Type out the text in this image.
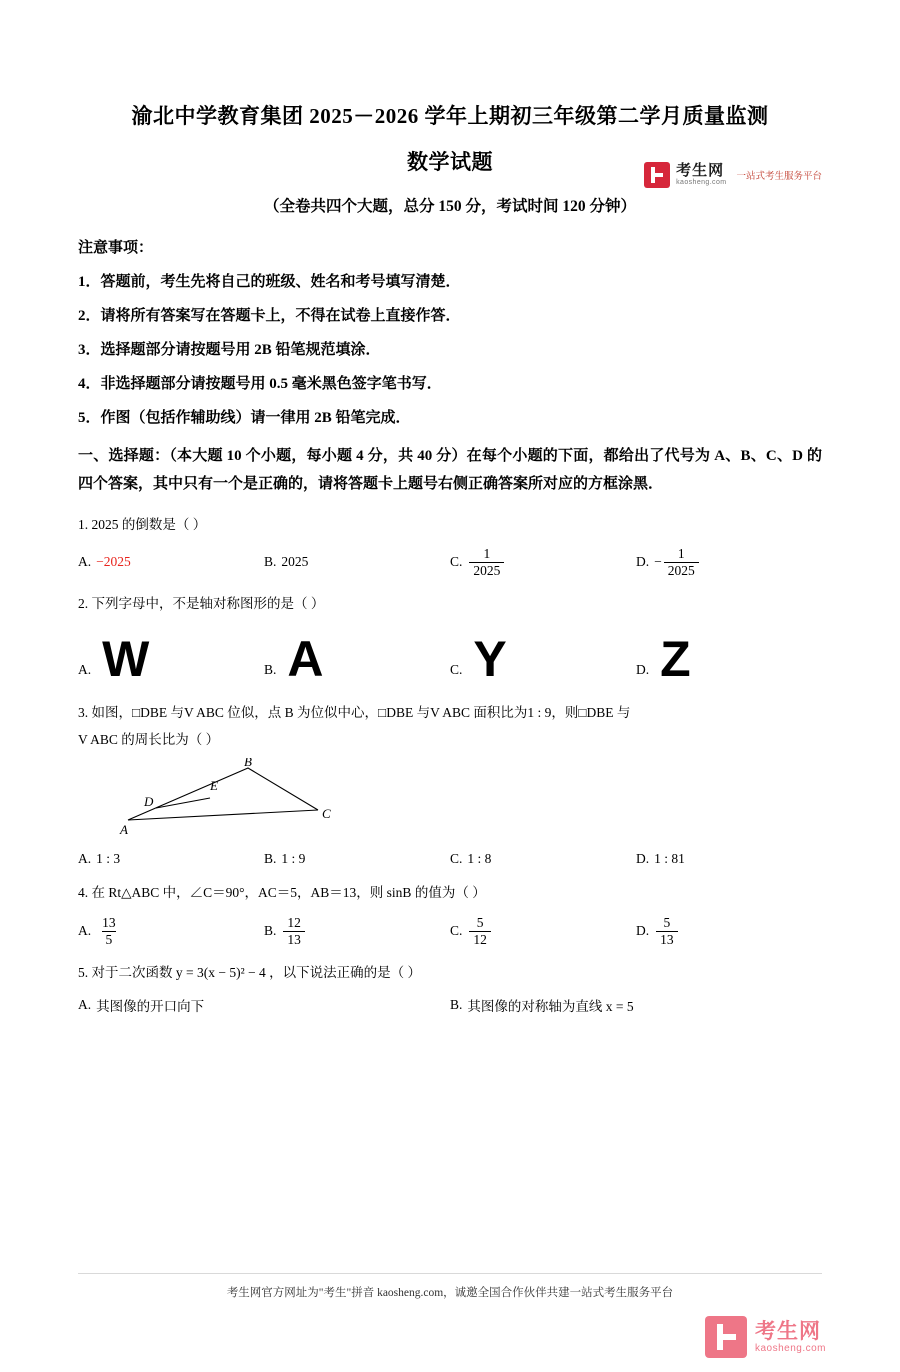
考生网
kaosheng.com
一站式考生服务平台
渝北中学教育集团 2025－2026 学年上期初三年级第二学月质量监测
数学试题
（全卷共四个大题，总分 150 分，考试时间 120 分钟）
注意事项：
1．答题前，考生先将自己的班级、姓名和考号填写清楚．
2．请将所有答案写在答题卡上，不得在试卷上直接作答．
3．选择题部分请按题号用 2B 铅笔规范填涂．
4．非选择题部分请按题号用 0.5 毫米黑色签字笔书写．
5．作图（包括作辅助线）请一律用 2B 铅笔完成．
一、选择题：（本大题 10 个小题，每小题 4 分，共 40 分）在每个小题的下面，都给出了代号为 A、B、C、D 的四个答案，其中只有一个是正确的，请将答题卡上题号右侧正确答案所对应的方框涂黑．
1. 2025 的倒数是（ ）
A. −2025	B. 2025	C. $\frac{1}{2025}$	D. − $\frac{1}{2025}$
2. 下列字母中，不是轴对称图形的是（ ）
A. W	B. A	C. Y	D. Z
3. 如图，□DBE 与V ABC 位似，点 B 为位似中心，□DBE 与V ABC 面积比为1 : 9，则□DBE 与
V ABC 的周长比为（ ）
A
B
C
D
E
A. 1 : 3	B. 1 : 9	C. 1 : 8	D. 1 : 81
4. 在 Rt△ABC 中，∠C＝90°，AC＝5，AB＝13，则 sinB 的值为（ ）
A. $\frac{13}{5}$	B. $\frac{12}{13}$	C. $\frac{5}{12}$	D. $\frac{5}{13}$
5. 对于二次函数 y = 3(x − 5)² − 4 ，以下说法正确的是（ ）
A. 其图像的开口向下	B. 其图像的对称轴为直线 x = 5
考生网官方网址为"考生"拼音 kaosheng.com，诚邀全国合作伙伴共建一站式考生服务平台
考生网
kaosheng.com
